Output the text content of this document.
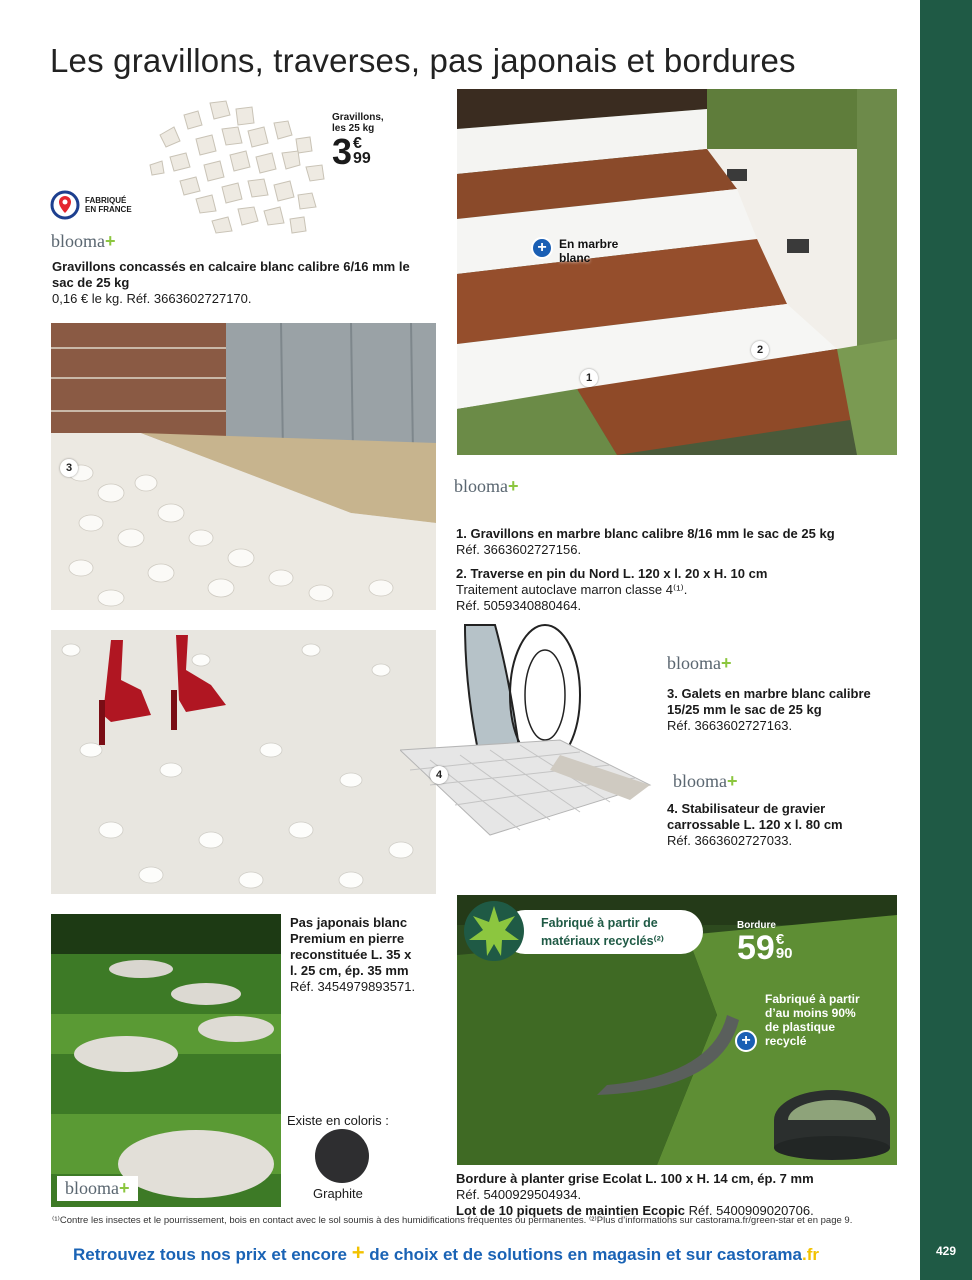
429
Les gravillons, traverses, pas japonais et bordures
Gravillons,
les 25 kg
3 €
99
FABRIQUÉ
EN FRANCE
blooma+
Gravillons concassés en calcaire blanc calibre 6/16 mm le sac de 25 kg
0,16 € le kg. Réf. 3663602727170.
3
+	En marbre
blanc
1
2
blooma+
1. Gravillons en marbre blanc calibre 8/16 mm le sac de 25 kg
Réf. 3663602727156.
2. Traverse en pin du Nord L. 120 x l. 20 x H. 10 cm
Traitement autoclave marron classe 4⁽¹⁾.
Réf. 5059340880464.
4
blooma+
3. Galets en marbre blanc calibre
15/25 mm le sac de 25 kg
Réf. 3663602727163.
blooma+
4. Stabilisateur de gravier
carrossable L. 120 x l. 80 cm
Réf. 3663602727033.
blooma+
Pas japonais blanc
Premium en pierre
reconstituée L. 35 x
l. 25 cm, ép. 35 mm
Réf. 3454979893571.
Existe en coloris :
Graphite
Fabriqué à partir de
matériaux recyclés⁽²⁾
Bordure
59 €
90
Fabriqué à partir
d’au moins 90%
de plastique
recyclé
+
Bordure à planter grise Ecolat L. 100 x H. 14 cm, ép. 7 mm
Réf. 5400929504934.
Lot de 10 piquets de maintien Ecopic Réf. 5400909020706.
⁽¹⁾Contre les insectes et le pourrissement, bois en contact avec le sol soumis à des humidifications fréquentes ou permanentes. ⁽²⁾Plus d’informations sur castorama.fr/green-star et en page 9.
Retrouvez tous nos prix et encore + de choix et de solutions en magasin et sur castorama.fr
